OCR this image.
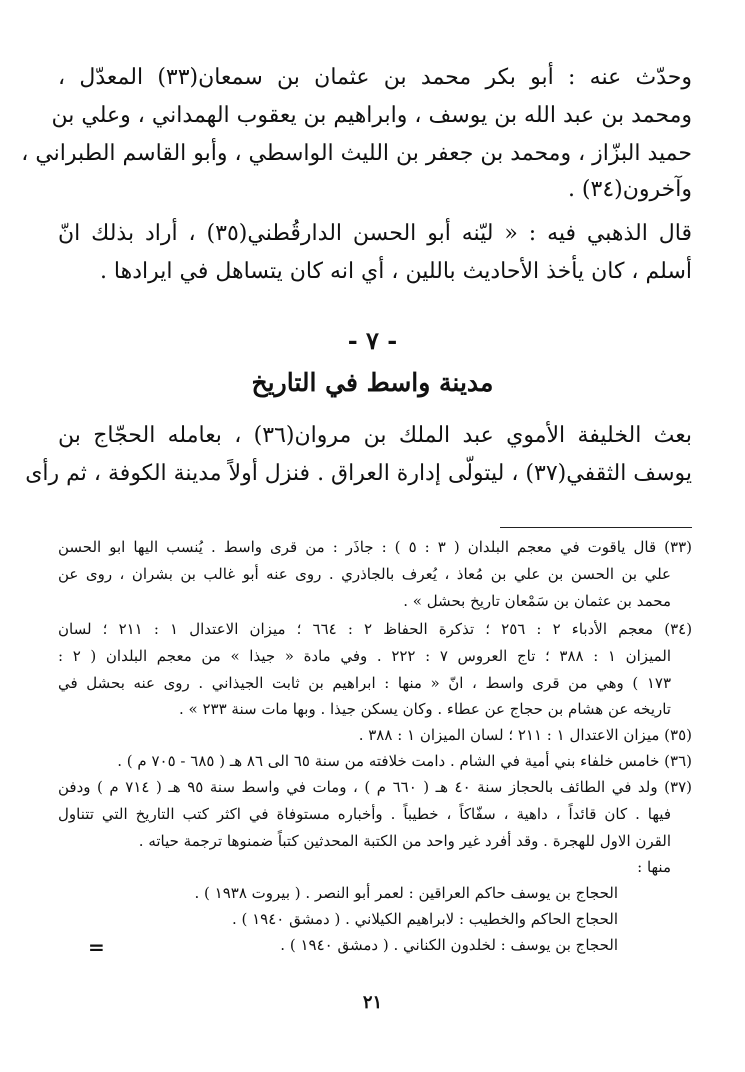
وحدّث عنه : أبو بكر محمد بن عثمان بن سمعان(٣٣) المعدّل ،
ومحمد بن عبد الله بن يوسف ، وابراهيم بن يعقوب الهمداني ، وعلي بن
حميد البزّاز ، ومحمد بن جعفر بن الليث الواسطي ، وأبو القاسم الطبراني ،
وآخرون(٣٤) .
قال الذهبي فيه : « ليّنه أبو الحسن الدارقُطني(٣٥) ، أراد بذلك انّ
أسلم ، كان يأخذ الأحاديث باللين ، أي انه كان يتساهل في ايرادها .
- ٧ -
مدينة واسط في التاريخ
بعث الخليفة الأموي عبد الملك بن مروان(٣٦) ، بعامله الحجّاج بن
يوسف الثقفي(٣٧) ، ليتولّى إدارة العراق . فنزل أولاً مدينة الكوفة ، ثم رأى
(٣٣) قال ياقوت في معجم البلدان ( ٣ : ٥ ) : جاذَر : من قرى واسط . يُنسب اليها ابو الحسن
علي بن الحسن بن علي بن مُعاذ ، يُعرف بالجاذري . روى عنه أبو غالب بن بشران ، روى عن
محمد بن عثمان بن سَمْعان تاريخ بحشل » .
(٣٤) معجم الأدباء ٢ : ٢٥٦ ؛ تذكرة الحفاظ ٢ : ٦٦٤ ؛ ميزان الاعتدال ١ : ٢١١ ؛ لسان
الميزان ١ : ٣٨٨ ؛ تاج العروس ٧ : ٢٢٢ . وفي مادة « جيذا » من معجم البلدان ( ٢ :
١٧٣ ) وهي من قرى واسط ، انّ « منها : ابراهيم بن ثابت الجيذاني . روى عنه بحشل في
تاريخه عن هشام بن حجاج عن عطاء . وكان يسكن جيذا . وبها مات سنة ٢٣٣ » .
(٣٥) ميزان الاعتدال ١ : ٢١١ ؛ لسان الميزان ١ : ٣٨٨ .
(٣٦) خامس خلفاء بني أمية في الشام . دامت خلافته من سنة ٦٥ الى ٨٦ هـ ( ٦٨٥ - ٧٠٥ م ) .
(٣٧) ولد في الطائف بالحجاز سنة ٤٠ هـ ( ٦٦٠ م ) ، ومات في واسط سنة ٩٥ هـ ( ٧١٤ م ) ودفن
فيها . كان قائداً ، داهية ، سفّاكاً ، خطيباً . وأخباره مستوفاة في اكثر كتب التاريخ التي تتناول
القرن الاول للهجرة . وقد أفرد غير واحد من الكتبة المحدثين كتباً ضمنوها ترجمة حياته .
منها :
الحجاج بن يوسف حاكم العراقين : لعمر أبو النصر . ( بيروت ١٩٣٨ ) .
الحجاج الحاكم والخطيب : لابراهيم الكيلاني . ( دمشق ١٩٤٠ ) .
الحجاج بن يوسف : لخلدون الكناني . ( دمشق ١٩٤٠ ) .
=
٢١
